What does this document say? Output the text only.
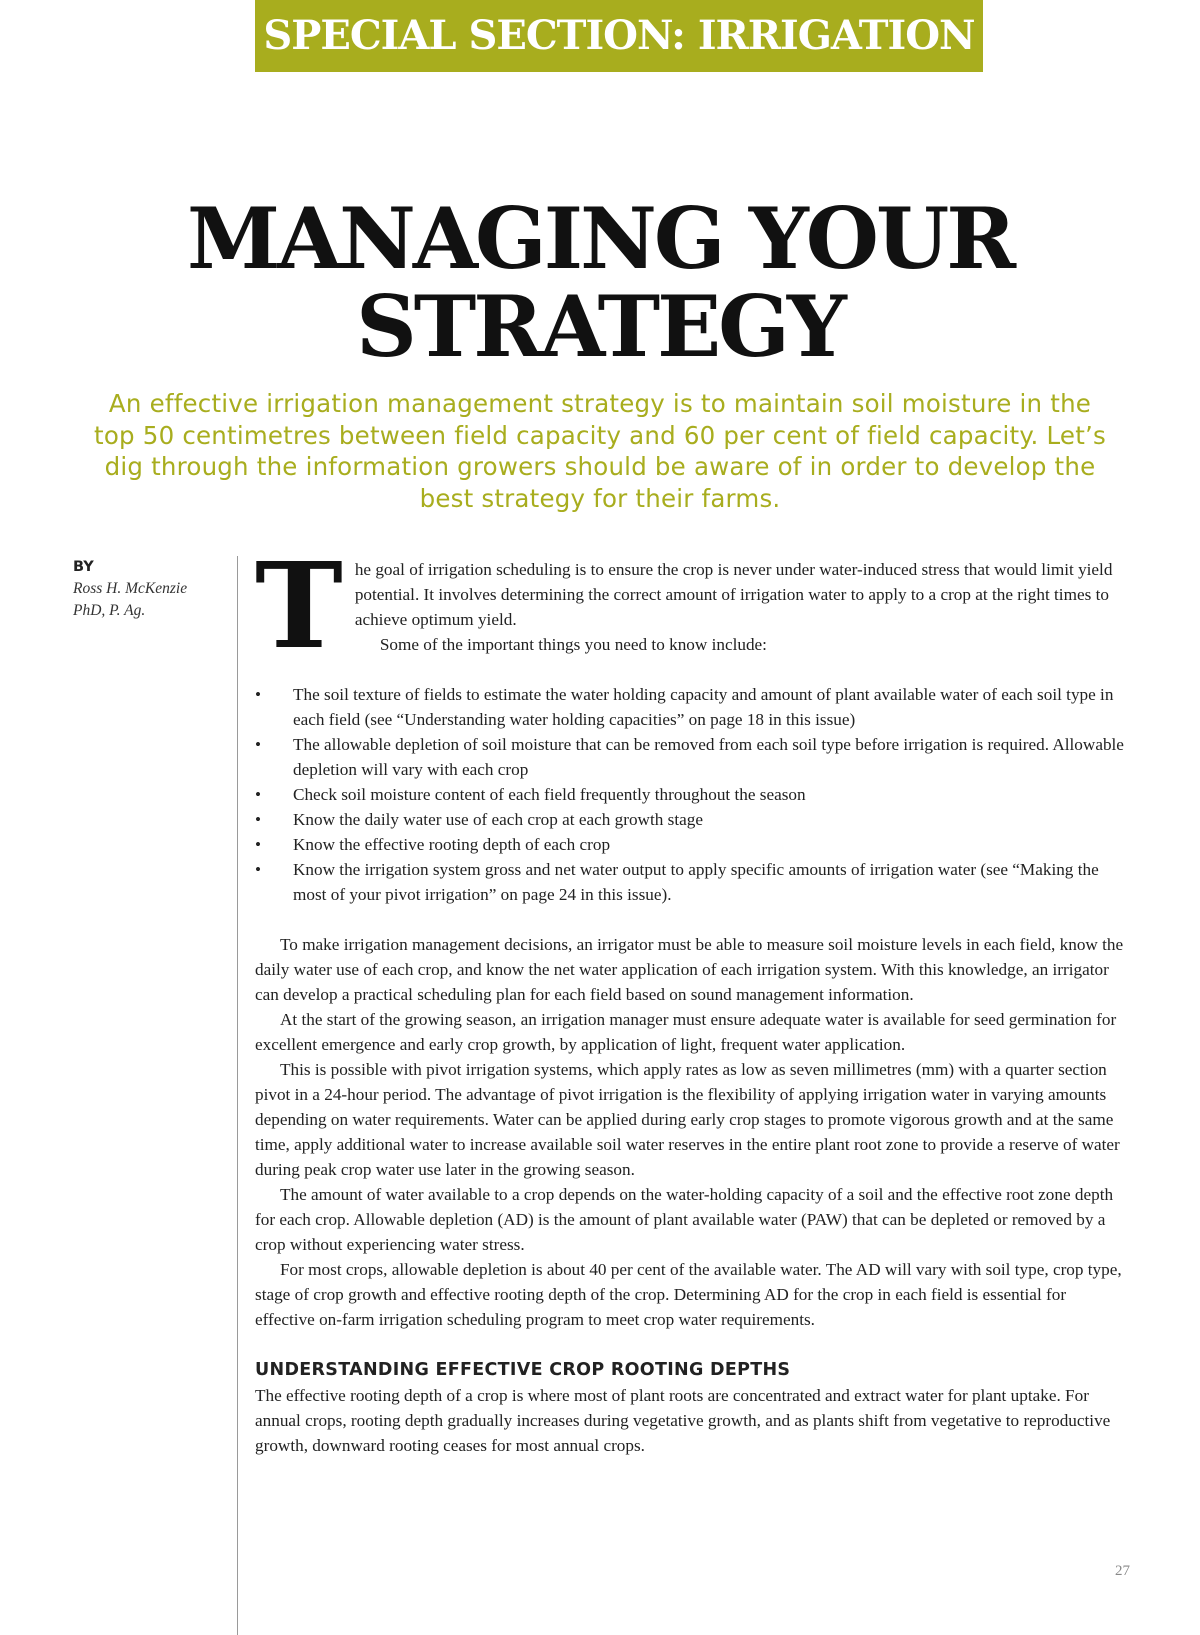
SPECIAL SECTION: IRRIGATION
MANAGING YOUR
STRATEGY

An effective irrigation management strategy is to maintain soil moisture in the top 50 centimetres between field capacity and 60 per cent of field capacity. Let’s dig through the information growers should be aware of in order to develop the best strategy for their farms.

BY
Ross H. McKenzie
PhD, P. Ag. T he goal of irrigation scheduling is to ensure the crop is never under water-induced stress that would limit yield potential. It involves determining the correct amount of irrigation water to apply to a crop at the right times to achieve optimum yield.

Some of the important things you need to know include:

• The soil texture of fields to estimate the water holding capacity and amount of plant available water of each soil type in each field (see “Understanding water holding capacities” on page 18 in this issue)
• The allowable depletion of soil moisture that can be removed from each soil type before irrigation is required. Allowable depletion will vary with each crop
• Check soil moisture content of each field frequently throughout the season
• Know the daily water use of each crop at each growth stage
• Know the effective rooting depth of each crop
• Know the irrigation system gross and net water output to apply specific amounts of irrigation water (see “Making the most of your pivot irrigation” on page 24 in this issue).

To make irrigation management decisions, an irrigator must be able to measure soil moisture levels in each field, know the daily water use of each crop, and know the net water application of each irrigation system. With this knowledge, an irrigator can develop a practical scheduling plan for each field based on sound management information.

At the start of the growing season, an irrigation manager must ensure adequate water is available for seed germination for excellent emergence and early crop growth, by application of light, frequent water application.

This is possible with pivot irrigation systems, which apply rates as low as seven millimetres (mm) with a quarter section pivot in a 24-hour period. The advantage of pivot irrigation is the flexibility of applying irrigation water in varying amounts depending on water requirements. Water can be applied during early crop stages to promote vigorous growth and at the same time, apply additional water to increase available soil water reserves in the entire plant root zone to provide a reserve of water during peak crop water use later in the growing season.

The amount of water available to a crop depends on the water-holding capacity of a soil and the effective root zone depth for each crop. Allowable depletion (AD) is the amount of plant available water (PAW) that can be depleted or removed by a crop without experiencing water stress.

For most crops, allowable depletion is about 40 per cent of the available water. The AD will vary with soil type, crop type, stage of crop growth and effective rooting depth of the crop. Determining AD for the crop in each field is essential for effective on-farm irrigation scheduling program to meet crop water requirements.

UNDERSTANDING EFFECTIVE CROP ROOTING DEPTHS

The effective rooting depth of a crop is where most of plant roots are concentrated and extract water for plant uptake. For annual crops, rooting depth gradually increases during vegetative growth, and as plants shift from vegetative to reproductive growth, downward rooting ceases for most annual crops.

27
